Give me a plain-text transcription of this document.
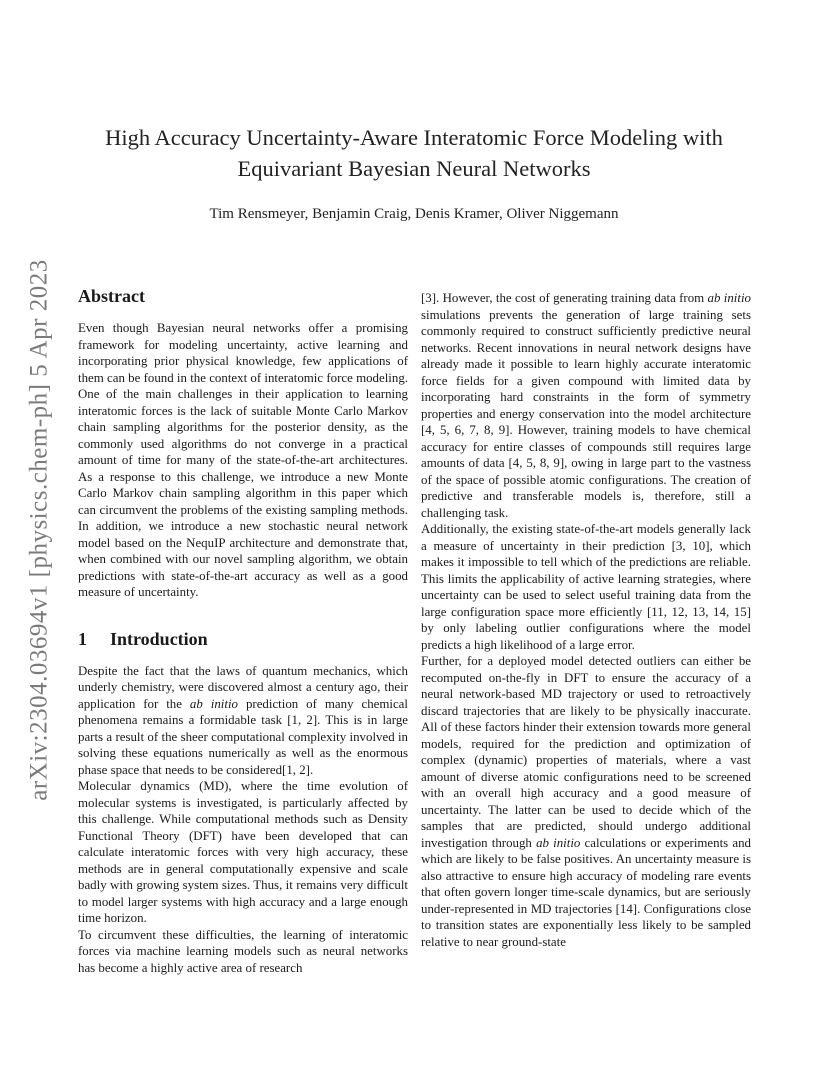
arXiv:2304.03694v1 [physics.chem-ph] 5 Apr 2023
High Accuracy Uncertainty-Aware Interatomic Force Modeling with
Equivariant Bayesian Neural Networks
Tim Rensmeyer, Benjamin Craig, Denis Kramer, Oliver Niggemann
Abstract

Even though Bayesian neural networks offer a promising framework for modeling uncertainty, active learning and incorporating prior physical knowledge, few applications of them can be found in the context of interatomic force modeling. One of the main challenges in their application to learning interatomic forces is the lack of suitable Monte Carlo Markov chain sampling algorithms for the posterior density, as the commonly used algorithms do not converge in a practical amount of time for many of the state-of-the-art architectures. As a response to this challenge, we introduce a new Monte Carlo Markov chain sampling algorithm in this paper which can circumvent the problems of the existing sampling methods. In addition, we introduce a new stochastic neural network model based on the NequIP architecture and demonstrate that, when combined with our novel sampling algorithm, we obtain predictions with state-of-the-art accuracy as well as a good measure of uncertainty.

1 Introduction

Despite the fact that the laws of quantum mechanics, which underly chemistry, were discovered almost a century ago, their application for the ab initio prediction of many chemical phenomena remains a formidable task [1, 2]. This is in large parts a result of the sheer computational complexity involved in solving these equations numerically as well as the enormous phase space that needs to be considered[1, 2].

Molecular dynamics (MD), where the time evolution of molecular systems is investigated, is particularly affected by this challenge. While computational methods such as Density Functional Theory (DFT) have been developed that can calculate interatomic forces with very high accuracy, these methods are in general computationally expensive and scale badly with growing system sizes. Thus, it remains very difficult to model larger systems with high accuracy and a large enough time horizon.

To circumvent these difficulties, the learning of interatomic forces via machine learning models such as neural networks has become a highly active area of research

[3]. However, the cost of generating training data from ab initio simulations prevents the generation of large training sets commonly required to construct sufficiently predictive neural networks. Recent innovations in neural network designs have already made it possible to learn highly accurate interatomic force fields for a given compound with limited data by incorporating hard constraints in the form of symmetry properties and energy conservation into the model architecture [4, 5, 6, 7, 8, 9]. However, training models to have chemical accuracy for entire classes of compounds still requires large amounts of data [4, 5, 8, 9], owing in large part to the vastness of the space of possible atomic configurations. The creation of predictive and transferable models is, therefore, still a challenging task.

Additionally, the existing state-of-the-art models generally lack a measure of uncertainty in their prediction [3, 10], which makes it impossible to tell which of the predictions are reliable. This limits the applicability of active learning strategies, where uncertainty can be used to select useful training data from the large configuration space more efficiently [11, 12, 13, 14, 15] by only labeling outlier configurations where the model predicts a high likelihood of a large error.

Further, for a deployed model detected outliers can either be recomputed on-the-fly in DFT to ensure the accuracy of a neural network-based MD trajectory or used to retroactively discard trajectories that are likely to be physically inaccurate. All of these factors hinder their extension towards more general models, required for the prediction and optimization of complex (dynamic) properties of materials, where a vast amount of diverse atomic configurations need to be screened with an overall high accuracy and a good measure of uncertainty. The latter can be used to decide which of the samples that are predicted, should undergo additional investigation through ab initio calculations or experiments and which are likely to be false positives. An uncertainty measure is also attractive to ensure high accuracy of modeling rare events that often govern longer time-scale dynamics, but are seriously under-represented in MD trajectories [14]. Configurations close to transition states are exponentially less likely to be sampled relative to near ground-state
